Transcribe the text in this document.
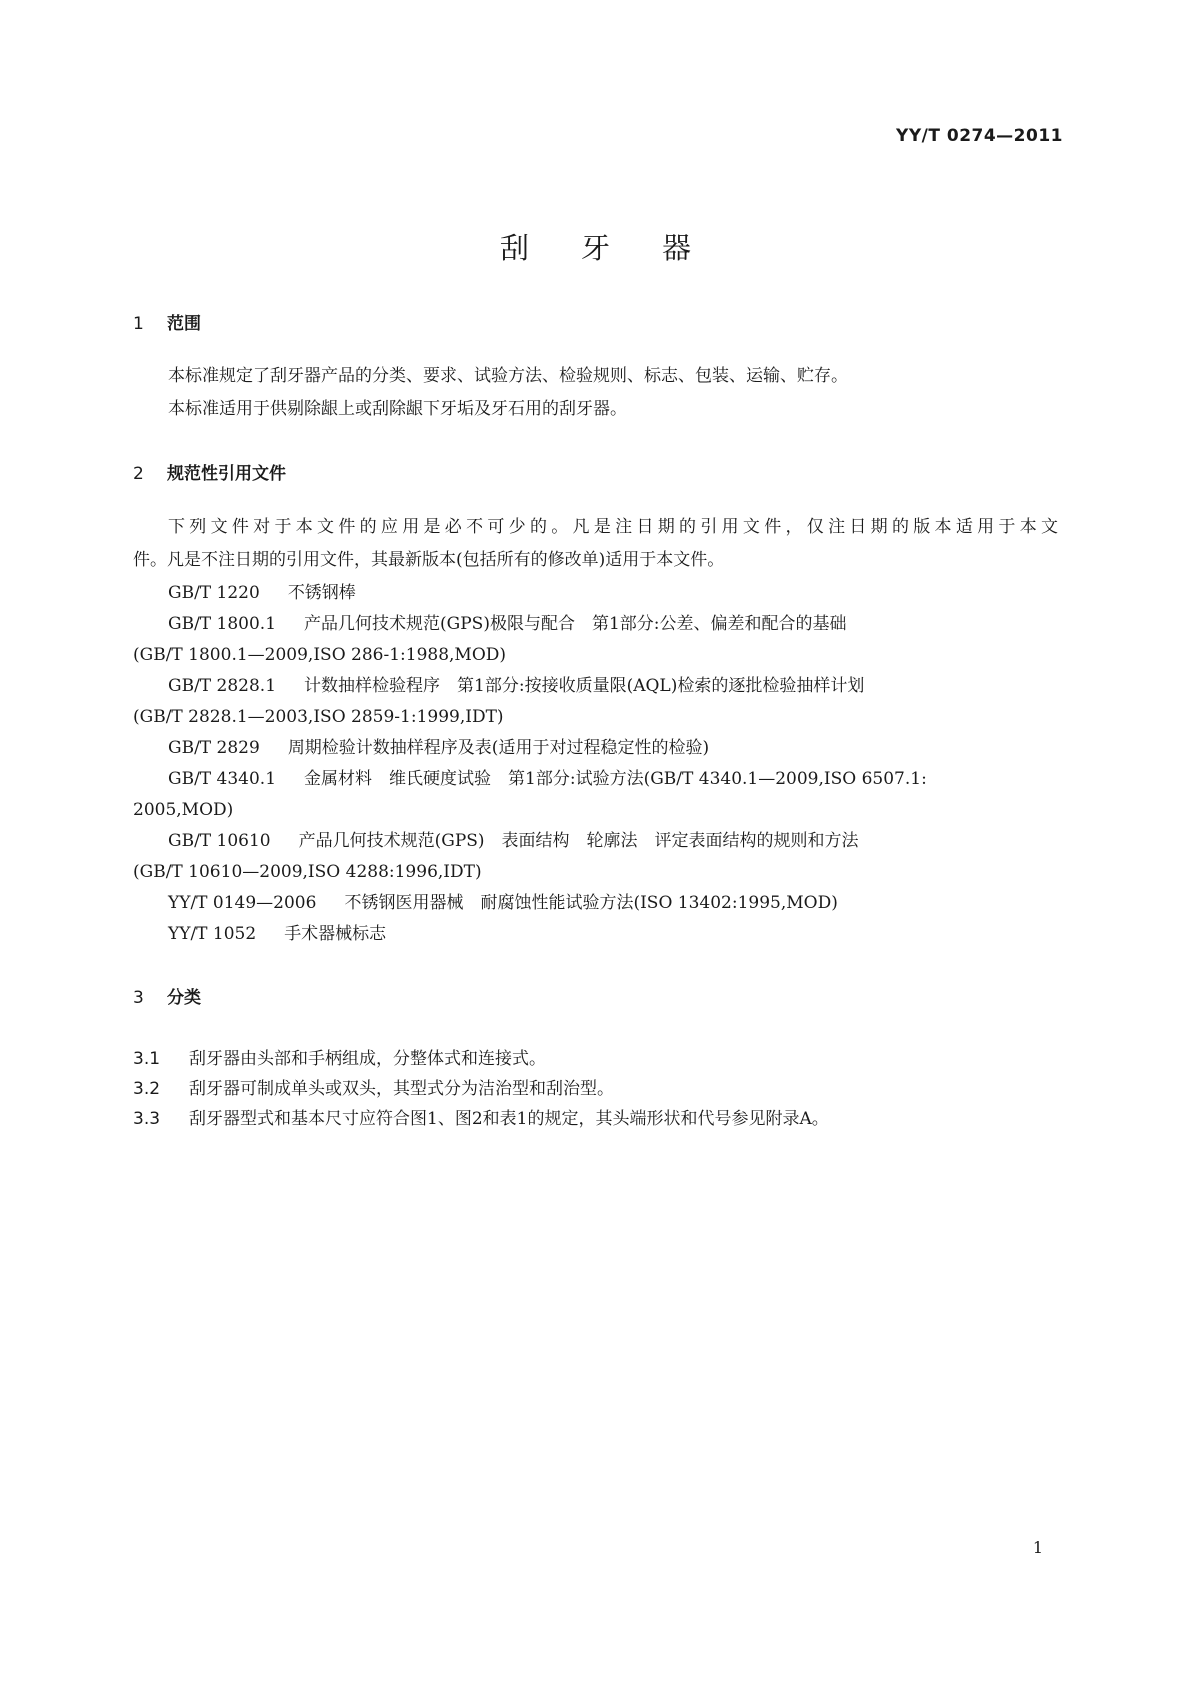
YY/T 0274—2011
刮牙器
1 范围
本标准规定了刮牙器产品的分类、要求、试验方法、检验规则、标志、包装、运输、贮存。
本标准适用于供剔除龈上或刮除龈下牙垢及牙石用的刮牙器。
2 规范性引用文件
下列文件对于本文件的应用是必不可少的。凡是注日期的引用文件，仅注日期的版本适用于本文
件。凡是不注日期的引用文件，其最新版本(包括所有的修改单)适用于本文件。
GB/T 1220 不锈钢棒
GB/T 1800.1 产品几何技术规范(GPS)极限与配合　第1部分:公差、偏差和配合的基础
(GB/T 1800.1—2009,ISO 286-1:1988,MOD)
GB/T 2828.1 计数抽样检验程序　第1部分:按接收质量限(AQL)检索的逐批检验抽样计划
(GB/T 2828.1—2003,ISO 2859-1:1999,IDT)
GB/T 2829 周期检验计数抽样程序及表(适用于对过程稳定性的检验)
GB/T 4340.1 金属材料　维氏硬度试验　第1部分:试验方法(GB/T 4340.1—2009,ISO 6507.1:
2005,MOD)
GB/T 10610 产品几何技术规范(GPS)　表面结构　轮廓法　评定表面结构的规则和方法
(GB/T 10610—2009,ISO 4288:1996,IDT)
YY/T 0149—2006 不锈钢医用器械　耐腐蚀性能试验方法(ISO 13402:1995,MOD)
YY/T 1052 手术器械标志
3 分类
3.1 刮牙器由头部和手柄组成，分整体式和连接式。
3.2 刮牙器可制成单头或双头，其型式分为洁治型和刮治型。
3.3 刮牙器型式和基本尺寸应符合图1、图2和表1的规定，其头端形状和代号参见附录A。
1
